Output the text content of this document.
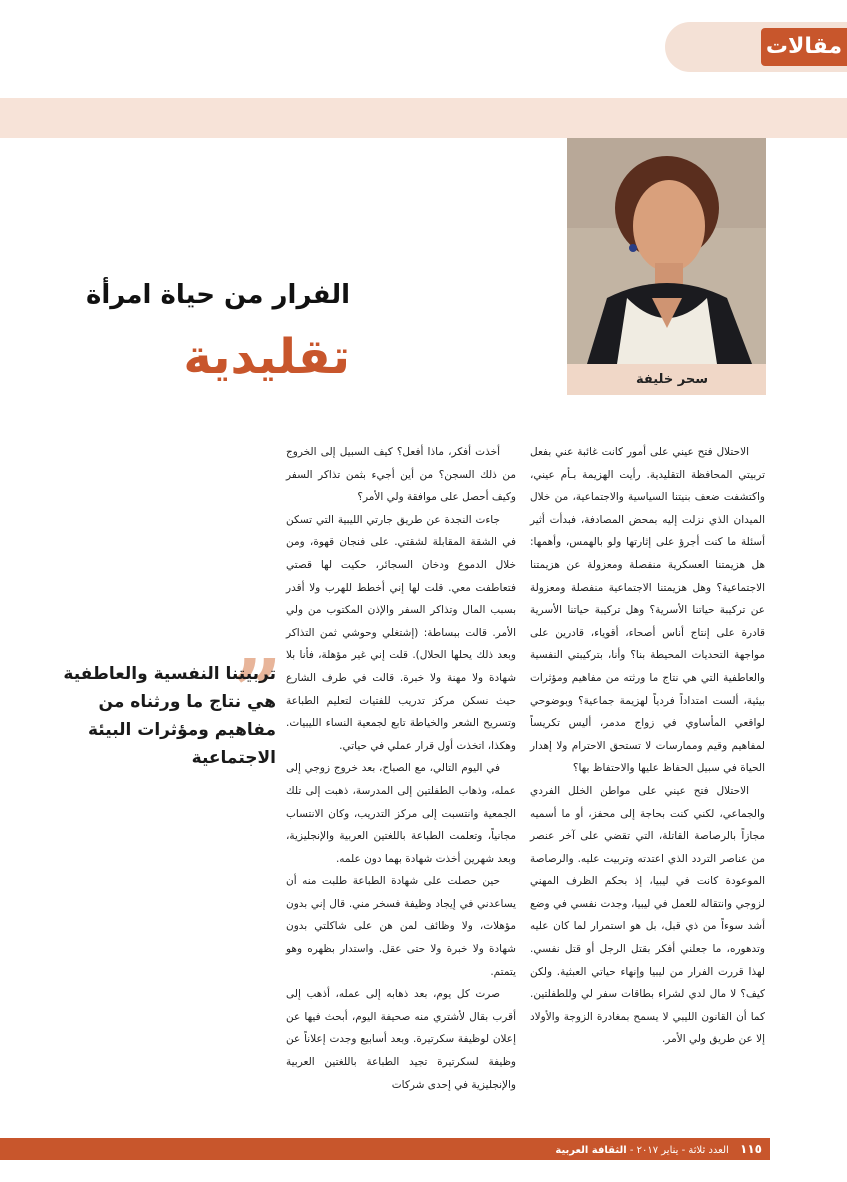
مقالات
سحر خليفة
الفرار من حياة امرأة
تقليدية
”

تربيتنا النفسية والعاطفية هي نتاج ما ورثناه من مفاهيم ومؤثرات البيئة الاجتماعية

الاحتلال فتح عيني على أمور كانت غائبة عني بفعل تربيتي المحافظة التقليدية. رأيت الهزيمة بـأم عيني، واكتشفت ضعف بنيتنا السياسية والاجتماعية، من خلال الميدان الذي نزلت إليه بمحض المصادفة، فبدأت أثير أسئلة ما كنت أجرؤ على إثارتها ولو بالهمس، وأهمها: هل هزيمتنا العسكرية منفصلة ومعزولة عن هزيمتنا الاجتماعية؟ وهل هزيمتنا الاجتماعية منفصلة ومعزولة عن تركيبة حياتنا الأسرية؟ وهل تركيبة حياتنا الأسرية قادرة على إنتاج أناس أصحاء، أقوياء، قادرين على مواجهة التحديات المحيطة بنا؟ وأنا، بتركيبتي النفسية والعاطفية التي هي نتاج ما ورثته من مفاهيم ومؤثرات بيئية، ألست امتداداً فردياً لهزيمة جماعية؟ وبوضوحي لواقعي المأساوي في زواج مدمر، أليس تكريساً لمفاهيم وقيم وممارسات لا تستحق الاحترام ولا إهدار الحياة في سبيل الحفاظ عليها والاحتفاظ بها؟

الاحتلال فتح عيني على مواطن الخلل الفردي والجماعي، لكني كنت بحاجة إلى محفز، أو ما أسميه مجازاً بالرصاصة القاتلة، التي تقضي على آخر عنصر من عناصر التردد الذي اعتدته وتربيت عليه. والرصاصة الموعودة كانت في ليبيا، إذ بحكم الظرف المهني لزوجي وانتقاله للعمل في ليبيا، وجدت نفسي في وضع أشد سوءاً من ذي قبل، بل هو استمرار لما كان عليه وتدهوره، ما جعلني أفكر بقتل الرجل أو قتل نفسي. لهذا قررت الفرار من ليبيا وإنهاء حياتي العبثية. ولكن كيف؟ لا مال لدي لشراء بطاقات سفر لي وللطفلتين. كما أن القانون الليبي لا يسمح بمغادرة الزوجة والأولاد إلا عن طريق ولي الأمر.

أخذت أفكر، ماذا أفعل؟ كيف السبيل إلى الخروج من ذلك السجن؟ من أين أجيء بثمن تذاكر السفر وكيف أحصل على موافقة ولي الأمر؟

جاءت النجدة عن طريق جارتي الليبية التي تسكن في الشقة المقابلة لشقتي. على فنجان قهوة، ومن خلال الدموع ودخان السجائر، حكيت لها قصتي فتعاطفت معي. قلت لها إني أخطط للهرب ولا أقدر بسبب المال وتذاكر السفر والإذن المكتوب من ولي الأمر. قالت ببساطة: (إشتغلي وحوشي ثمن التذاكر وبعد ذلك يحلها الحلال). قلت إني غير مؤهلة، فأنا بلا شهادة ولا مهنة ولا خبرة. قالت في طرف الشارع حيث نسكن مركز تدريب للفتيات لتعليم الطباعة وتسريح الشعر والخياطة تابع لجمعية النساء الليبيات. وهكذا، اتخذت أول قرار عملي في حياتي.

في اليوم التالي، مع الصباح، بعد خروج زوجي إلى عمله، وذهاب الطفلتين إلى المدرسة، ذهبت إلى تلك الجمعية وانتسبت إلى مركز التدريب، وكان الانتساب مجانياً، وتعلمت الطباعة باللغتين العربية والإنجليزية، وبعد شهرين أخذت شهادة بهما دون علمه.

حين حصلت على شهادة الطباعة طلبت منه أن يساعدني في إيجاد وظيفة فسخر مني. قال إني بدون مؤهلات، ولا وظائف لمن هن على شاكلتي بدون شهادة ولا خبرة ولا حتى عقل. واستدار بظهره وهو يتمتم.

صرت كل يوم، بعد ذهابه إلى عمله، أذهب إلى أقرب بقال لأشتري منه صحيفة اليوم، أبحث فيها عن إعلان لوظيفة سكرتيرة. وبعد أسابيع وجدت إعلاناً عن وظيفة لسكرتيرة تجيد الطباعة باللغتين العربية والإنجليزية في إحدى شركات

١١٥ العدد ثلاثة - يناير ٢٠١٧ - الثقافة العربية
